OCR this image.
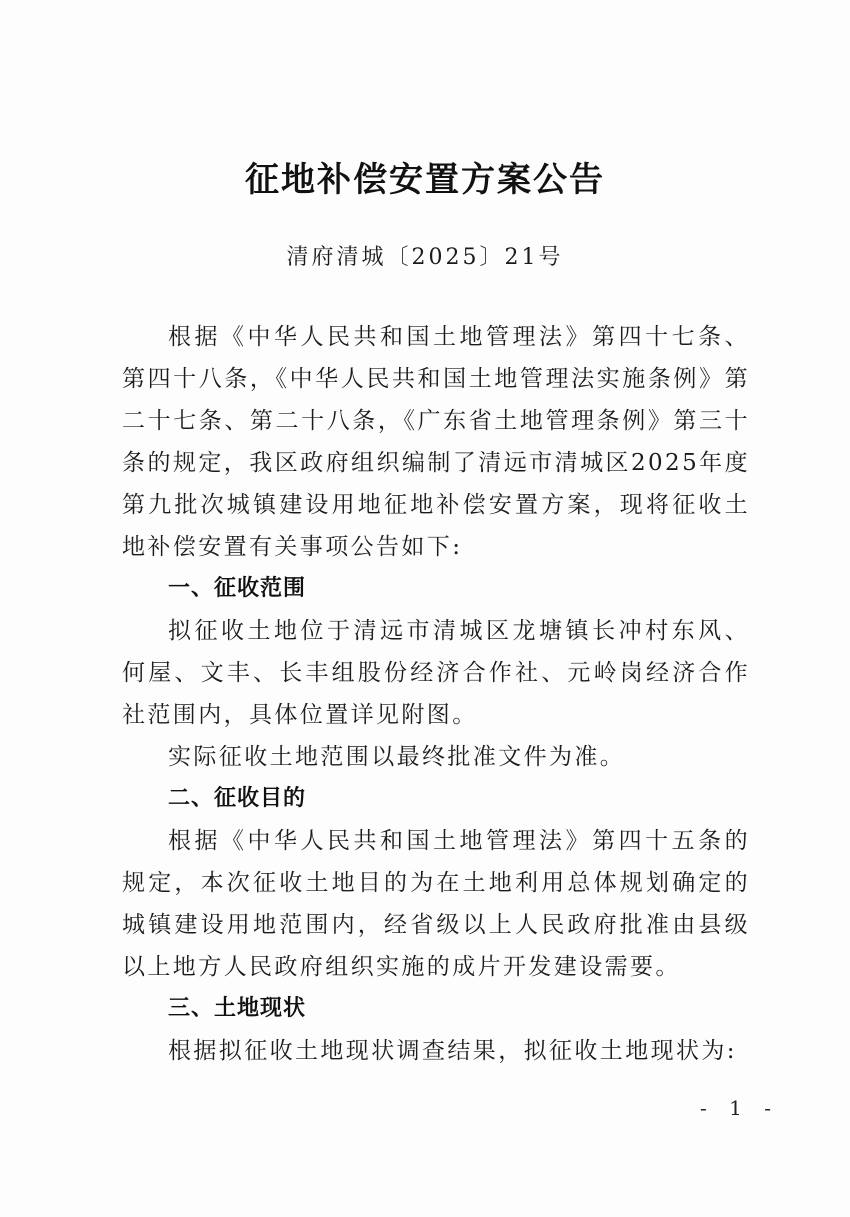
征地补偿安置方案公告
清府清城〔2025〕21号

根据《中华人民共和国土地管理法》第四十七条、第四十八条，《中华人民共和国土地管理法实施条例》第二十七条、第二十八条，《广东省土地管理条例》第三十条的规定，我区政府组织编制了清远市清城区2025年度第九批次城镇建设用地征地补偿安置方案，现将征收土地补偿安置有关事项公告如下:

一、征收范围

拟征收土地位于清远市清城区龙塘镇长冲村东风、何屋、文丰、长丰组股份经济合作社、元岭岗经济合作社范围内，具体位置详见附图。

实际征收土地范围以最终批准文件为准。

二、征收目的

根据《中华人民共和国土地管理法》第四十五条的规定，本次征收土地目的为在土地利用总体规划确定的城镇建设用地范围内，经省级以上人民政府批准由县级以上地方人民政府组织实施的成片开发建设需要。

三、土地现状

根据拟征收土地现状调查结果，拟征收土地现状为:

- 1 -
